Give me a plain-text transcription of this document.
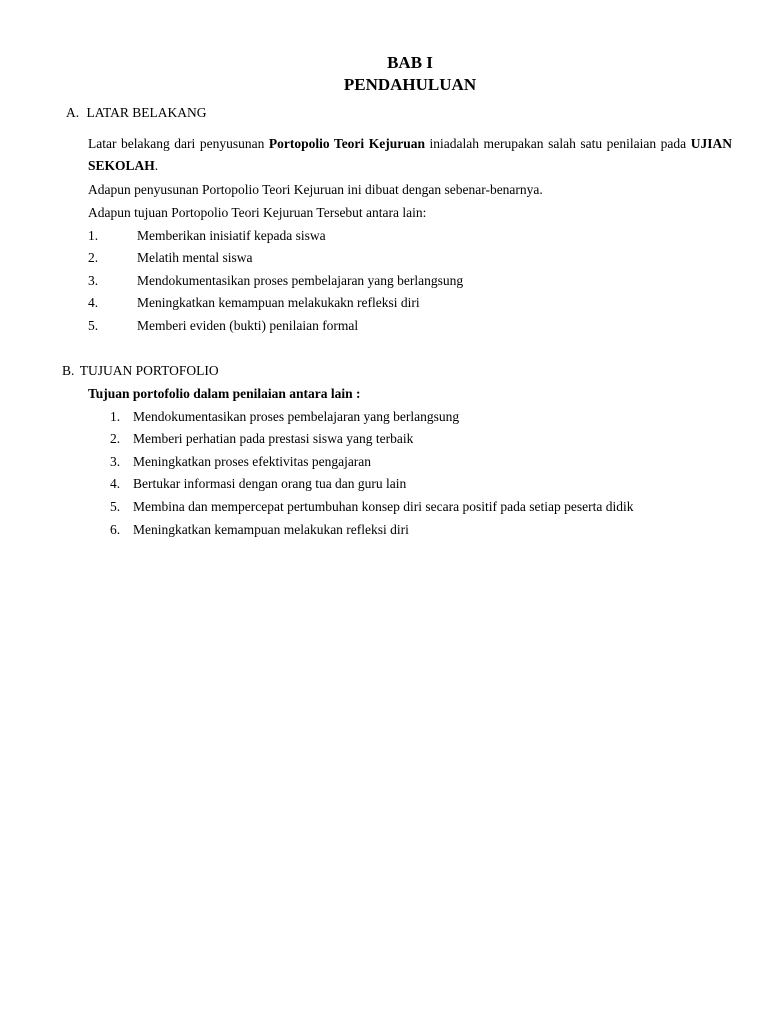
BAB I
PENDAHULUAN
A. LATAR BELAKANG
Latar belakang dari penyusunan Portopolio Teori Kejuruan iniadalah merupakan salah satu penilaian pada UJIAN SEKOLAH.
Adapun penyusunan Portopolio Teori Kejuruan ini dibuat dengan sebenar-benarnya.
Adapun tujuan Portopolio Teori Kejuruan Tersebut antara lain:
1.	Memberikan inisiatif kepada siswa
2.	Melatih mental siswa
3.	Mendokumentasikan proses pembelajaran yang berlangsung
4.	Meningkatkan kemampuan melakukakn refleksi diri
5.	Memberi eviden (bukti) penilaian formal
B. TUJUAN PORTOFOLIO
Tujuan portofolio dalam penilaian antara lain :
1. Mendokumentasikan proses pembelajaran yang berlangsung
2. Memberi perhatian pada prestasi siswa yang terbaik
3. Meningkatkan proses efektivitas pengajaran
4. Bertukar informasi dengan orang tua dan guru lain
5. Membina dan mempercepat pertumbuhan konsep diri secara positif pada setiap peserta didik
6. Meningkatkan kemampuan melakukan refleksi diri
